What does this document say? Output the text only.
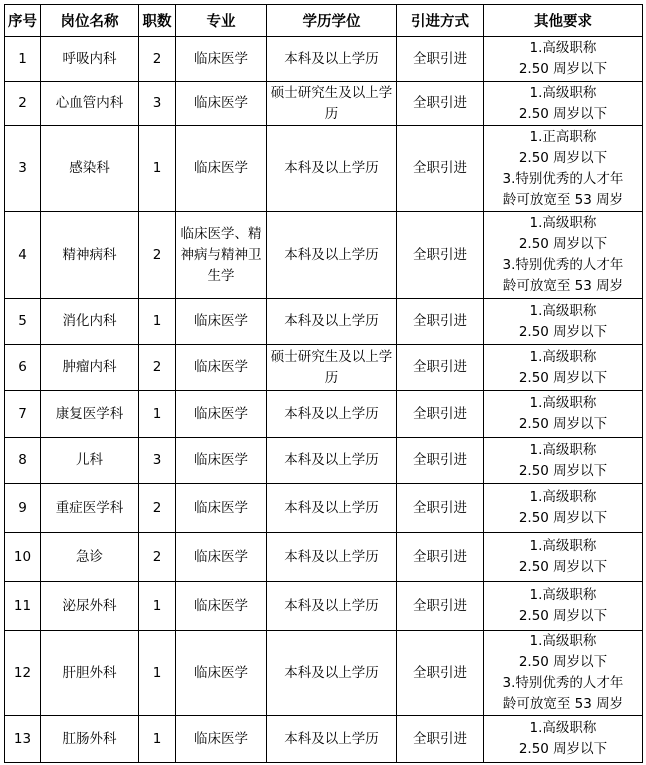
序号	岗位名称	职数	专业	学历学位	引进方式	其他要求
1	呼吸内科	2	临床医学	本科及以上学历	全职引进	1.高级职称
2.50 周岁以下

2	心血管内科	3	临床医学	硕士研究生及以上学历	全职引进	1.高级职称
2.50 周岁以下

3	感染科	1	临床医学	本科及以上学历	全职引进	1.正高职称
2.50 周岁以下
3.特别优秀的人才年
龄可放宽至 53 周岁

4	精神病科	2	临床医学、精神病与精神卫生学	本科及以上学历	全职引进	1.高级职称
2.50 周岁以下
3.特别优秀的人才年
龄可放宽至 53 周岁

5	消化内科	1	临床医学	本科及以上学历	全职引进	1.高级职称
2.50 周岁以下

6	肿瘤内科	2	临床医学	硕士研究生及以上学历	全职引进	1.高级职称
2.50 周岁以下

7	康复医学科	1	临床医学	本科及以上学历	全职引进	1.高级职称
2.50 周岁以下

8	儿科	3	临床医学	本科及以上学历	全职引进	1.高级职称
2.50 周岁以下

9	重症医学科	2	临床医学	本科及以上学历	全职引进	1.高级职称
2.50 周岁以下

10	急诊	2	临床医学	本科及以上学历	全职引进	1.高级职称
2.50 周岁以下

11	泌尿外科	1	临床医学	本科及以上学历	全职引进	1.高级职称
2.50 周岁以下

12	肝胆外科	1	临床医学	本科及以上学历	全职引进	1.高级职称
2.50 周岁以下
3.特别优秀的人才年
龄可放宽至 53 周岁

13	肛肠外科	1	临床医学	本科及以上学历	全职引进	1.高级职称
2.50 周岁以下
